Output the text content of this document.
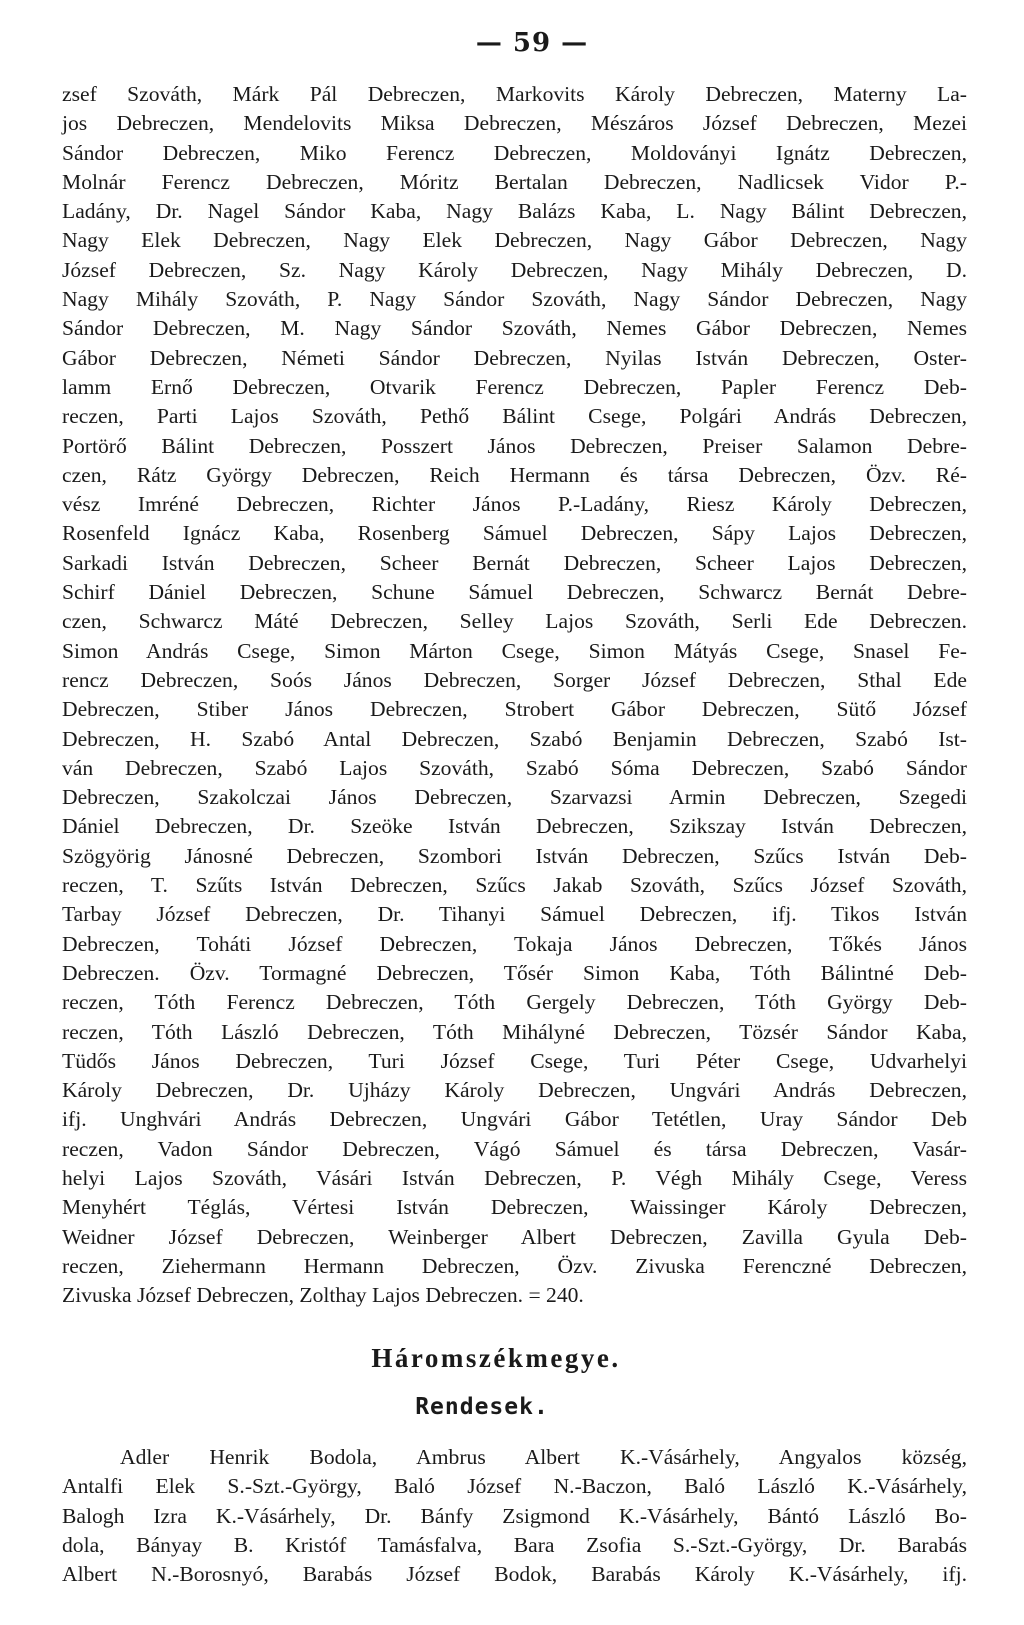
— 59 —
zsef Szováth, Márk Pál Debreczen, Markovits Károly Debreczen, Materny La-
jos Debreczen, Mendelovits Miksa Debreczen, Mészáros József Debreczen, Mezei
Sándor Debreczen, Miko Ferencz Debreczen, Moldoványi Ignátz Debreczen,
Molnár Ferencz Debreczen, Móritz Bertalan Debreczen, Nadlicsek Vidor P.-
Ladány, Dr. Nagel Sándor Kaba, Nagy Balázs Kaba, L. Nagy Bálint Debreczen,
Nagy Elek Debreczen, Nagy Elek Debreczen, Nagy Gábor Debreczen, Nagy
József Debreczen, Sz. Nagy Károly Debreczen, Nagy Mihály Debreczen, D.
Nagy Mihály Szováth, P. Nagy Sándor Szováth, Nagy Sándor Debreczen, Nagy
Sándor Debreczen, M. Nagy Sándor Szováth, Nemes Gábor Debreczen, Nemes
Gábor Debreczen, Németi Sándor Debreczen, Nyilas István Debreczen, Oster-
lamm Ernő Debreczen, Otvarik Ferencz Debreczen, Papler Ferencz Deb-
reczen, Parti Lajos Szováth, Pethő Bálint Csege, Polgári András Debreczen,
Portörő Bálint Debreczen, Posszert János Debreczen, Preiser Salamon Debre-
czen, Rátz György Debreczen, Reich Hermann és társa Debreczen, Özv. Ré-
vész Imréné Debreczen, Richter János P.-Ladány, Riesz Károly Debreczen,
Rosenfeld Ignácz Kaba, Rosenberg Sámuel Debreczen, Sápy Lajos Debreczen,
Sarkadi István Debreczen, Scheer Bernát Debreczen, Scheer Lajos Debreczen,
Schirf Dániel Debreczen, Schune Sámuel Debreczen, Schwarcz Bernát Debre-
czen, Schwarcz Máté Debreczen, Selley Lajos Szováth, Serli Ede Debreczen.
Simon András Csege, Simon Márton Csege, Simon Mátyás Csege, Snasel Fe-
rencz Debreczen, Soós János Debreczen, Sorger József Debreczen, Sthal Ede
Debreczen, Stiber János Debreczen, Strobert Gábor Debreczen, Sütő József
Debreczen, H. Szabó Antal Debreczen, Szabó Benjamin Debreczen, Szabó Ist-
ván Debreczen, Szabó Lajos Szováth, Szabó Sóma Debreczen, Szabó Sándor
Debreczen, Szakolczai János Debreczen, Szarvazsi Armin Debreczen, Szegedi
Dániel Debreczen, Dr. Szeöke István Debreczen, Szikszay István Debreczen,
Szögyörig Jánosné Debreczen, Szombori István Debreczen, Szűcs István Deb-
reczen, T. Szűts István Debreczen, Szűcs Jakab Szováth, Szűcs József Szováth,
Tarbay József Debreczen, Dr. Tihanyi Sámuel Debreczen, ifj. Tikos István
Debreczen, Toháti József Debreczen, Tokaja János Debreczen, Tőkés János
Debreczen. Özv. Tormagné Debreczen, Tősér Simon Kaba, Tóth Bálintné Deb-
reczen, Tóth Ferencz Debreczen, Tóth Gergely Debreczen, Tóth György Deb-
reczen, Tóth László Debreczen, Tóth Mihályné Debreczen, Tözsér Sándor Kaba,
Tüdős János Debreczen, Turi József Csege, Turi Péter Csege, Udvarhelyi
Károly Debreczen, Dr. Ujházy Károly Debreczen, Ungvári András Debreczen,
ifj. Unghvári András Debreczen, Ungvári Gábor Tetétlen, Uray Sándor Deb
reczen, Vadon Sándor Debreczen, Vágó Sámuel és társa Debreczen, Vasár-
helyi Lajos Szováth, Vásári István Debreczen, P. Végh Mihály Csege, Veress
Menyhért Téglás, Vértesi István Debreczen, Waissinger Károly Debreczen,
Weidner József Debreczen, Weinberger Albert Debreczen, Zavilla Gyula Deb-
reczen, Ziehermann Hermann Debreczen, Özv. Zivuska Ferenczné Debreczen,
Zivuska József Debreczen, Zolthay Lajos Debreczen. = 240.
Háromszékmegye.
Rendesek.
Adler Henrik Bodola, Ambrus Albert K.-Vásárhely, Angyalos község,
Antalfi Elek S.-Szt.-György, Baló József N.-Baczon, Baló László K.-Vásárhely,
Balogh Izra K.-Vásárhely, Dr. Bánfy Zsigmond K.-Vásárhely, Bántó László Bo-
dola, Bányay B. Kristóf Tamásfalva, Bara Zsofia S.-Szt.-György, Dr. Barabás
Albert N.-Borosnyó, Barabás József Bodok, Barabás Károly K.-Vásárhely, ifj.
